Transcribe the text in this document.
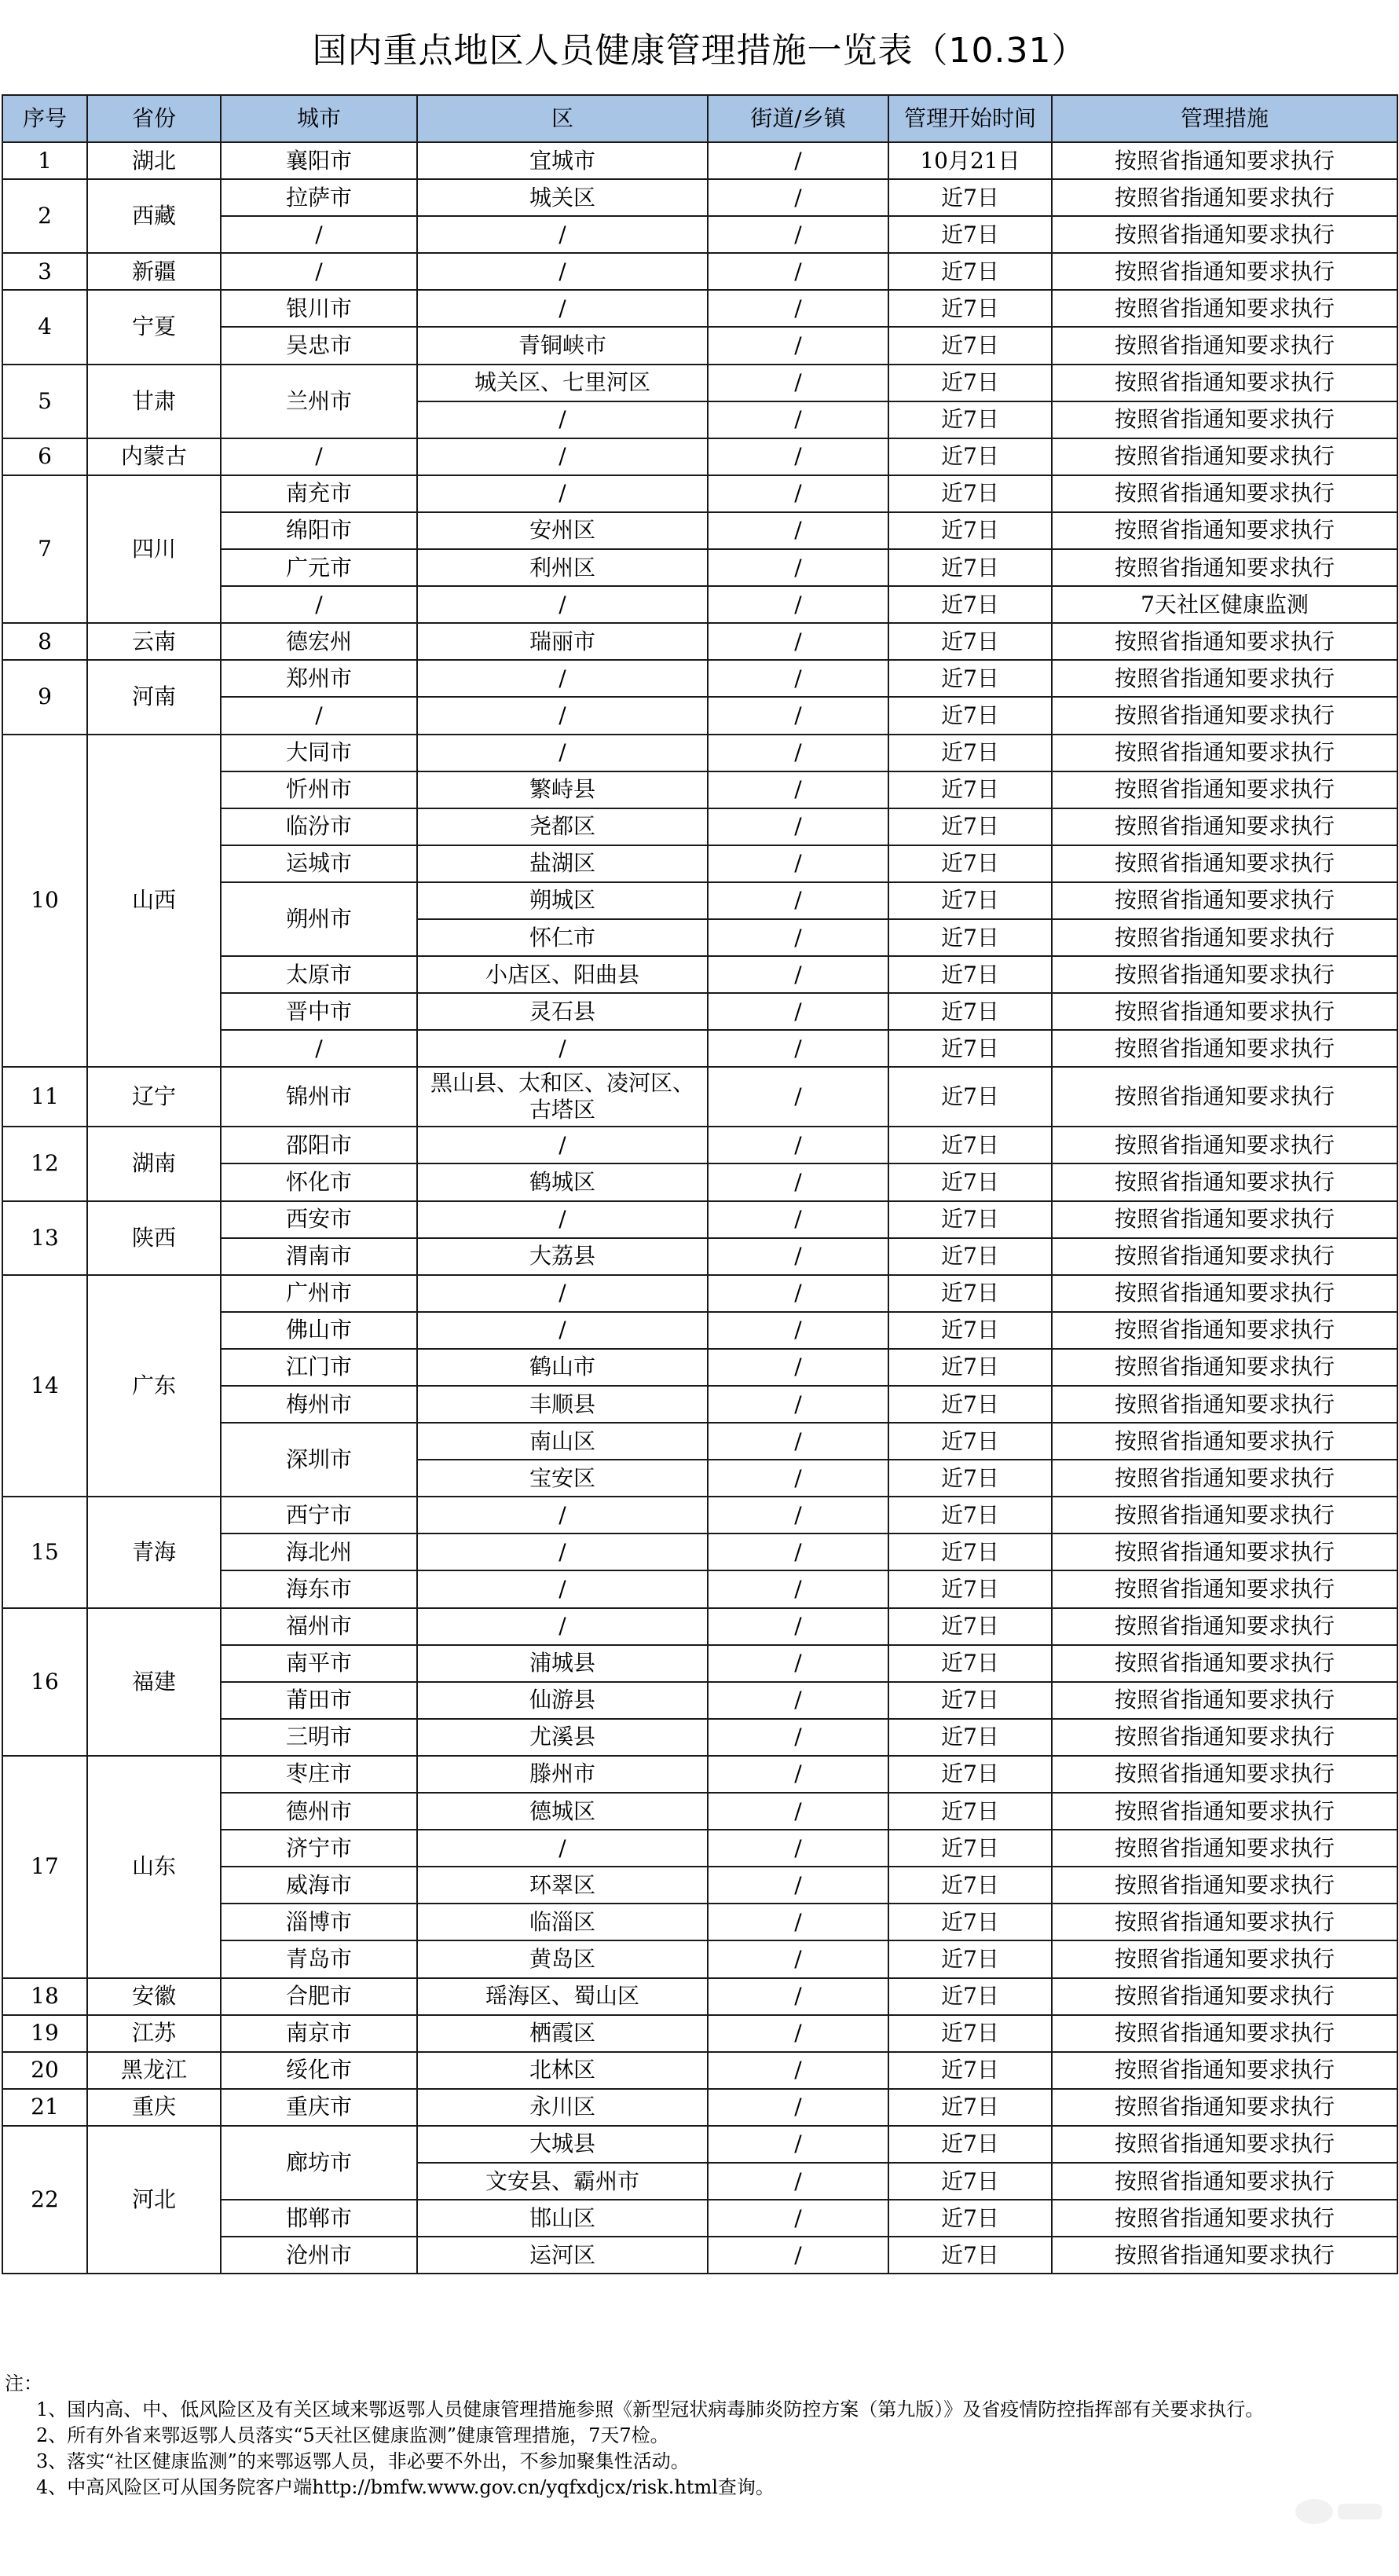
国内重点地区人员健康管理措施一览表（10.31）
序号	省份	城市	区	街道/乡镇	管理开始时间	管理措施
1	湖北	襄阳市	宜城市	/	10月21日	按照省指通知要求执行
2	西藏	拉萨市	城关区	/	近7日	按照省指通知要求执行
		/	/	/	近7日	按照省指通知要求执行
3	新疆	/	/	/	近7日	按照省指通知要求执行
4	宁夏	银川市	/	/	近7日	按照省指通知要求执行
		吴忠市	青铜峡市	/	近7日	按照省指通知要求执行
5	甘肃	兰州市	城关区、七里河区	/	近7日	按照省指通知要求执行
			/	/	近7日	按照省指通知要求执行
6	内蒙古	/	/	/	近7日	按照省指通知要求执行
7	四川	南充市	/	/	近7日	按照省指通知要求执行
		绵阳市	安州区	/	近7日	按照省指通知要求执行
		广元市	利州区	/	近7日	按照省指通知要求执行
		/	/	/	近7日	7天社区健康监测
8	云南	德宏州	瑞丽市	/	近7日	按照省指通知要求执行
9	河南	郑州市	/	/	近7日	按照省指通知要求执行
		/	/	/	近7日	按照省指通知要求执行
10	山西	大同市	/	/	近7日	按照省指通知要求执行
		忻州市	繁峙县	/	近7日	按照省指通知要求执行
		临汾市	尧都区	/	近7日	按照省指通知要求执行
		运城市	盐湖区	/	近7日	按照省指通知要求执行
		朔州市	朔城区	/	近7日	按照省指通知要求执行
			怀仁市	/	近7日	按照省指通知要求执行
		太原市	小店区、阳曲县	/	近7日	按照省指通知要求执行
		晋中市	灵石县	/	近7日	按照省指通知要求执行
		/	/	/	近7日	按照省指通知要求执行
11	辽宁	锦州市	黑山县、太和区、凌河区、古塔区	/	近7日	按照省指通知要求执行
12	湖南	邵阳市	/	/	近7日	按照省指通知要求执行
		怀化市	鹤城区	/	近7日	按照省指通知要求执行
13	陕西	西安市	/	/	近7日	按照省指通知要求执行
		渭南市	大荔县	/	近7日	按照省指通知要求执行
14	广东	广州市	/	/	近7日	按照省指通知要求执行
		佛山市	/	/	近7日	按照省指通知要求执行
		江门市	鹤山市	/	近7日	按照省指通知要求执行
		梅州市	丰顺县	/	近7日	按照省指通知要求执行
		深圳市	南山区	/	近7日	按照省指通知要求执行
			宝安区	/	近7日	按照省指通知要求执行
15	青海	西宁市	/	/	近7日	按照省指通知要求执行
		海北州	/	/	近7日	按照省指通知要求执行
		海东市	/	/	近7日	按照省指通知要求执行
16	福建	福州市	/	/	近7日	按照省指通知要求执行
		南平市	浦城县	/	近7日	按照省指通知要求执行
		莆田市	仙游县	/	近7日	按照省指通知要求执行
		三明市	尤溪县	/	近7日	按照省指通知要求执行
17	山东	枣庄市	滕州市	/	近7日	按照省指通知要求执行
		德州市	德城区	/	近7日	按照省指通知要求执行
		济宁市	/	/	近7日	按照省指通知要求执行
		威海市	环翠区	/	近7日	按照省指通知要求执行
		淄博市	临淄区	/	近7日	按照省指通知要求执行
		青岛市	黄岛区	/	近7日	按照省指通知要求执行
18	安徽	合肥市	瑶海区、蜀山区	/	近7日	按照省指通知要求执行
19	江苏	南京市	栖霞区	/	近7日	按照省指通知要求执行
20	黑龙江	绥化市	北林区	/	近7日	按照省指通知要求执行
21	重庆	重庆市	永川区	/	近7日	按照省指通知要求执行
22	河北	廊坊市	大城县	/	近7日	按照省指通知要求执行
			文安县、霸州市	/	近7日	按照省指通知要求执行
		邯郸市	邯山区	/	近7日	按照省指通知要求执行
		沧州市	运河区	/	近7日	按照省指通知要求执行

注：

1、国内高、中、低风险区及有关区域来鄂返鄂人员健康管理措施参照《新型冠状病毒肺炎防控方案（第九版）》及省疫情防控指挥部有关要求执行。

2、所有外省来鄂返鄂人员落实“5天社区健康监测”健康管理措施，7天7检。

3、落实“社区健康监测”的来鄂返鄂人员，非必要不外出，不参加聚集性活动。

4、中高风险区可从国务院客户端http://bmfw.www.gov.cn/yqfxdjcx/risk.html查询。
